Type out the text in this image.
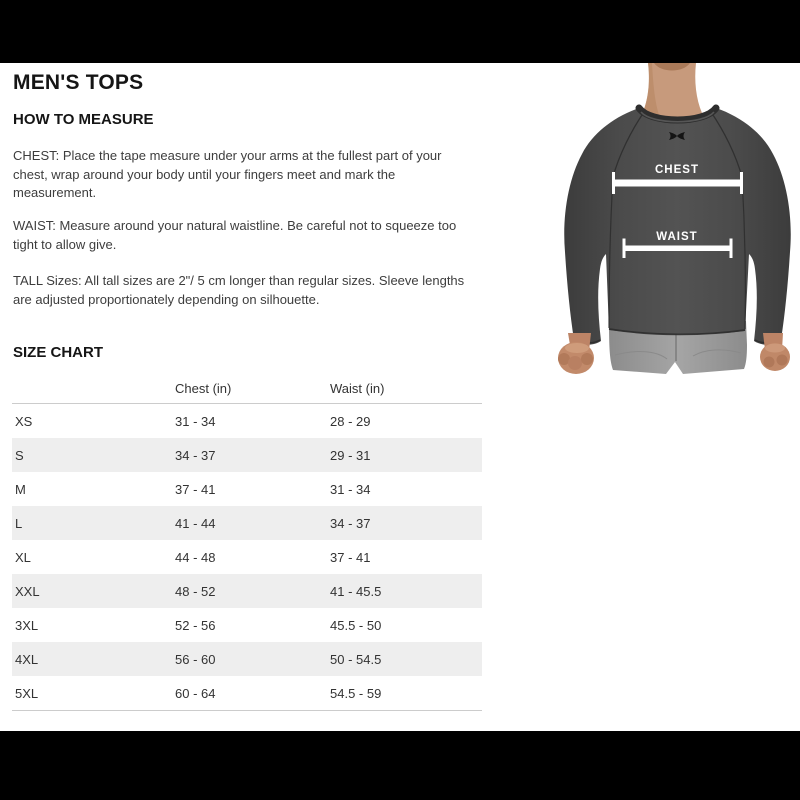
MEN'S TOPS
HOW TO MEASURE

CHEST: Place the tape measure under your arms at the fullest part of your chest, wrap around your body until your fingers meet and mark the measurement.

WAIST: Measure around your natural waistline. Be careful not to squeeze too tight to allow give.

TALL Sizes: All tall sizes are 2"/ 5 cm longer than regular sizes. Sleeve lengths are adjusted proportionately depending on silhouette.

SIZE CHART
	Chest (in)	Waist (in)
XS	31 - 34	28 - 29
S	34 - 37	29 - 31
M	37 - 41	31 - 34
L	41 - 44	34 - 37
XL	44 - 48	37 - 41
XXL	48 - 52	41 - 45.5
3XL	52 - 56	45.5 - 50
4XL	56 - 60	50 - 54.5
5XL	60 - 64	54.5 - 59
CHEST
WAIST
